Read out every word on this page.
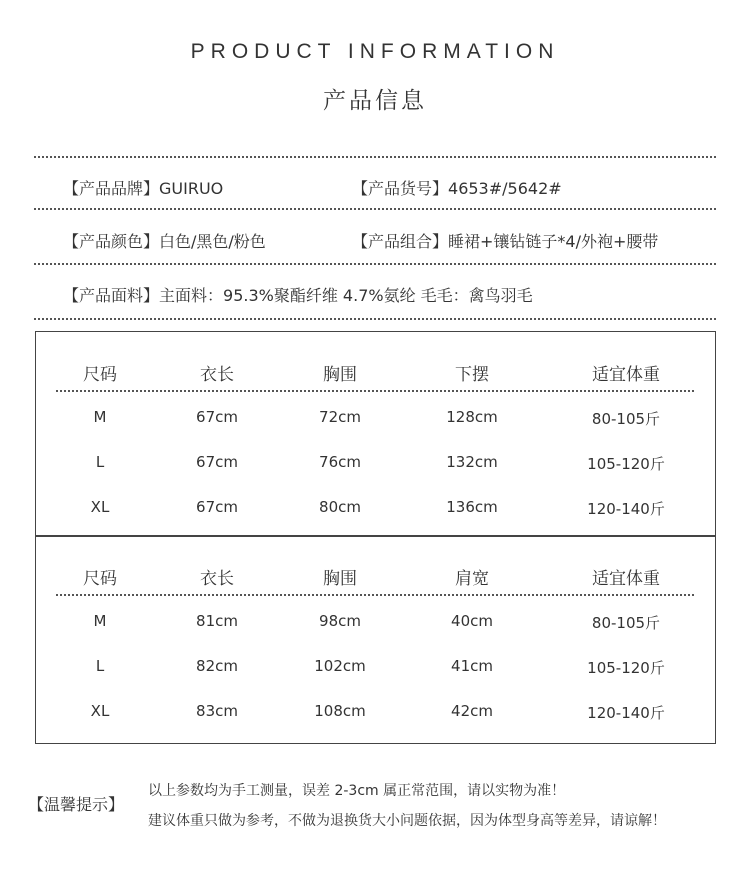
PRODUCT INFORMATION
产品信息
【产品品牌】GUIRUO	【产品货号】4653#/5642#
【产品颜色】白色/黑色/粉色	【产品组合】睡裙+镶钻链子*4/外袍+腰带
【产品面料】主面料：95.3%聚酯纤维 4.7%氨纶 毛毛：禽鸟羽毛
尺码	衣长	胸围	下摆	适宜体重
M	67cm	72cm	128cm	80-105斤
L	67cm	76cm	132cm	105-120斤
XL	67cm	80cm	136cm	120-140斤
尺码	衣长	胸围	肩宽	适宜体重
M	81cm	98cm	40cm	80-105斤
L	82cm	102cm	41cm	105-120斤
XL	83cm	108cm	42cm	120-140斤
【温馨提示】
以上参数均为手工测量，误差 2-3cm 属正常范围，请以实物为准！
建议体重只做为参考，不做为退换货大小问题依据，因为体型身高等差异，请谅解！
